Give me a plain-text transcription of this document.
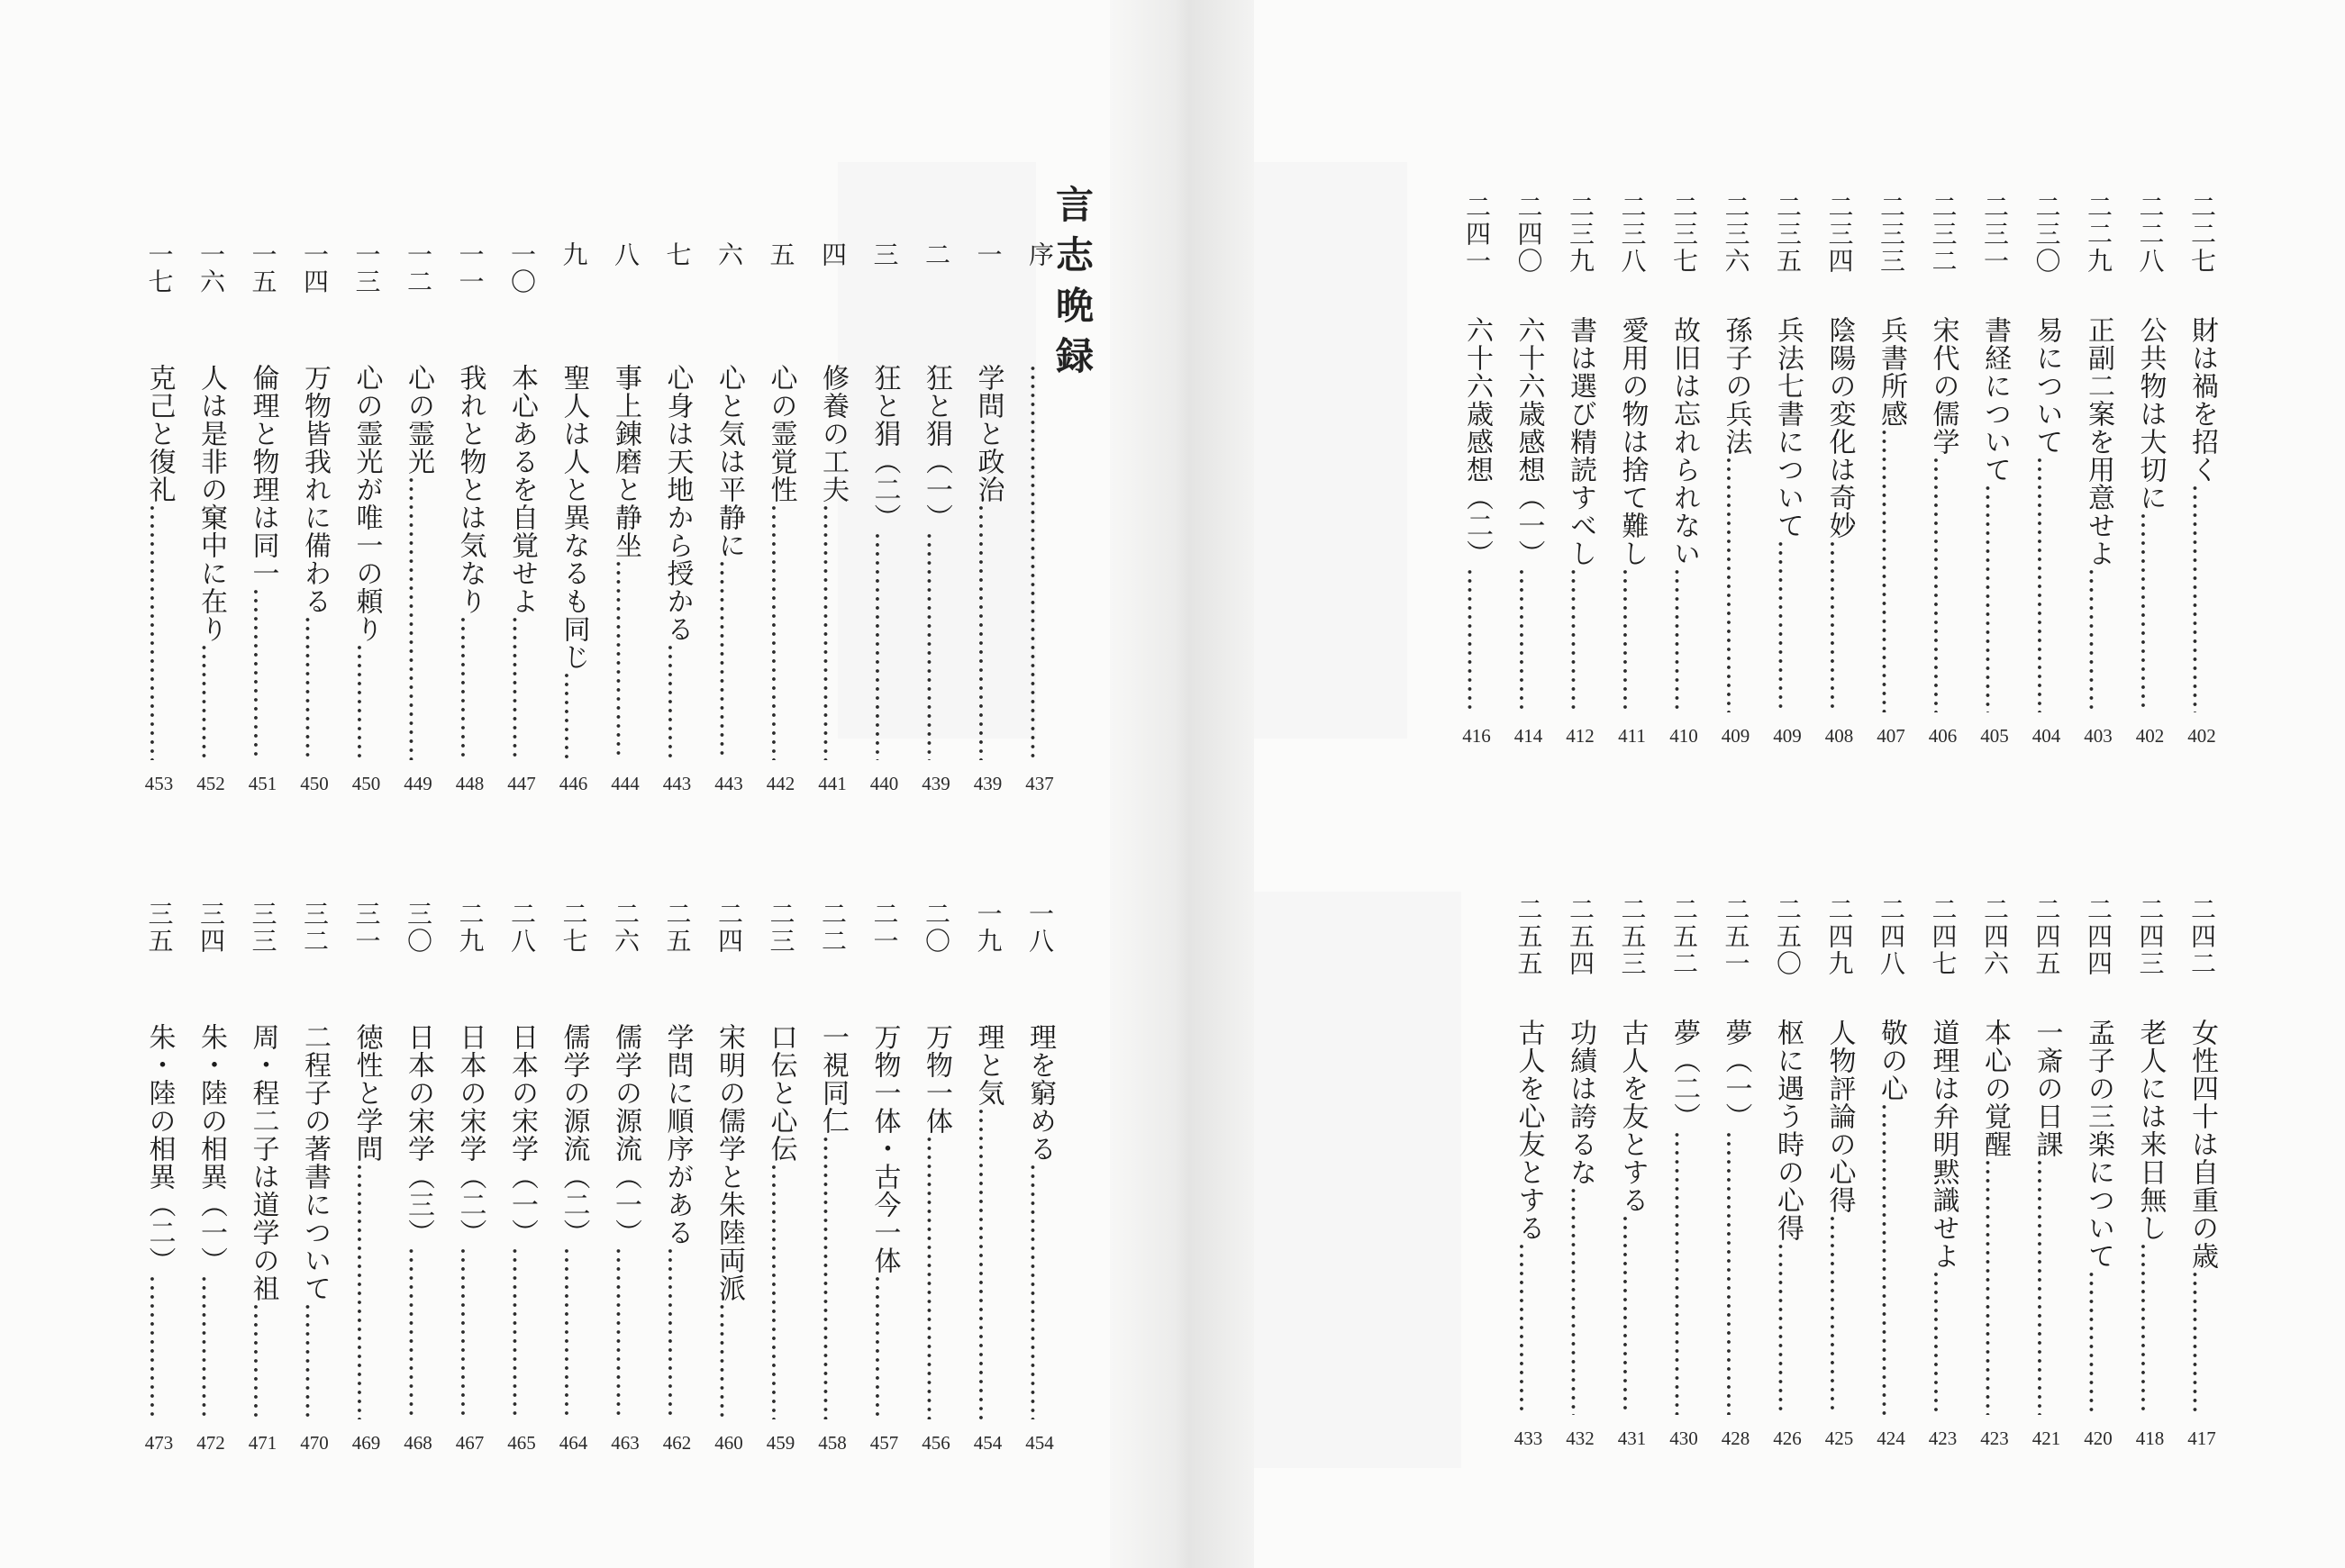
言志晩録
序
………………………………………………………………………………………………………
437
一
学問と政治 ………………………………………………………………………………………………………
439
二
狂と狷（一） ………………………………………………………………………………………………………
439
三
狂と狷（二） ………………………………………………………………………………………………………
440
四
修養の工夫 ………………………………………………………………………………………………………
441
五
心の霊覚性 ………………………………………………………………………………………………………
442
六
心と気は平静に ………………………………………………………………………………………………………
443
七
心身は天地から授かる ………………………………………………………………………………………………………
443
八
事上錬磨と静坐 ………………………………………………………………………………………………………
444
九
聖人は人と異なるも同じ ………………………………………………………………………………………………………
446
一〇
本心あるを自覚せよ ………………………………………………………………………………………………………
447
一一
我れと物とは気なり ………………………………………………………………………………………………………
448
一二
心の霊光 ………………………………………………………………………………………………………
449
一三
心の霊光が唯一の頼り ………………………………………………………………………………………………………
450
一四
万物皆我れに備わる ………………………………………………………………………………………………………
450
一五
倫理と物理は同一 ………………………………………………………………………………………………………
451
一六
人は是非の窠中に在り ………………………………………………………………………………………………………
452
一七
克己と復礼 ………………………………………………………………………………………………………
453
一八
理を窮める ………………………………………………………………………………………………………
454
一九
理と気 ………………………………………………………………………………………………………
454
二〇
万物一体 ………………………………………………………………………………………………………
456
二一
万物一体・古今一体 ………………………………………………………………………………………………………
457
二二
一視同仁 ………………………………………………………………………………………………………
458
二三
口伝と心伝 ………………………………………………………………………………………………………
459
二四
宋明の儒学と朱陸両派 ………………………………………………………………………………………………………
460
二五
学問に順序がある ………………………………………………………………………………………………………
462
二六
儒学の源流（一） ………………………………………………………………………………………………………
463
二七
儒学の源流（二） ………………………………………………………………………………………………………
464
二八
日本の宋学（一） ………………………………………………………………………………………………………
465
二九
日本の宋学（二） ………………………………………………………………………………………………………
467
三〇
日本の宋学（三） ………………………………………………………………………………………………………
468
三一
徳性と学問 ………………………………………………………………………………………………………
469
三二
二程子の著書について ………………………………………………………………………………………………………
470
三三
周・程二子は道学の祖 ………………………………………………………………………………………………………
471
三四
朱・陸の相異（一） ………………………………………………………………………………………………………
472
三五
朱・陸の相異（二） ………………………………………………………………………………………………………
473
二二七
財は禍を招く ………………………………………………………………………………………………………
402
二二八
公共物は大切に ………………………………………………………………………………………………………
402
二二九
正副二案を用意せよ ………………………………………………………………………………………………………
403
二三〇
易について ………………………………………………………………………………………………………
404
二三一
書経について ………………………………………………………………………………………………………
405
二三二
宋代の儒学 ………………………………………………………………………………………………………
406
二三三
兵書所感 ………………………………………………………………………………………………………
407
二三四
陰陽の変化は奇妙 ………………………………………………………………………………………………………
408
二三五
兵法七書について ………………………………………………………………………………………………………
409
二三六
孫子の兵法 ………………………………………………………………………………………………………
409
二三七
故旧は忘れられない ………………………………………………………………………………………………………
410
二三八
愛用の物は捨て難し ………………………………………………………………………………………………………
411
二三九
書は選び精読すべし ………………………………………………………………………………………………………
412
二四〇
六十六歳感想（一） ………………………………………………………………………………………………………
414
二四一
六十六歳感想（二） ………………………………………………………………………………………………………
416
二四二
女性四十は自重の歳 ………………………………………………………………………………………………………
417
二四三
老人には来日無し ………………………………………………………………………………………………………
418
二四四
孟子の三楽について ………………………………………………………………………………………………………
420
二四五
一斎の日課 ………………………………………………………………………………………………………
421
二四六
本心の覚醒 ………………………………………………………………………………………………………
423
二四七
道理は弁明黙識せよ ………………………………………………………………………………………………………
423
二四八
敬の心 ………………………………………………………………………………………………………
424
二四九
人物評論の心得 ………………………………………………………………………………………………………
425
二五〇
枢に遇う時の心得 ………………………………………………………………………………………………………
426
二五一
夢（一） ………………………………………………………………………………………………………
428
二五二
夢（二） ………………………………………………………………………………………………………
430
二五三
古人を友とする ………………………………………………………………………………………………………
431
二五四
功績は誇るな ………………………………………………………………………………………………………
432
二五五
古人を心友とする ………………………………………………………………………………………………………
433
